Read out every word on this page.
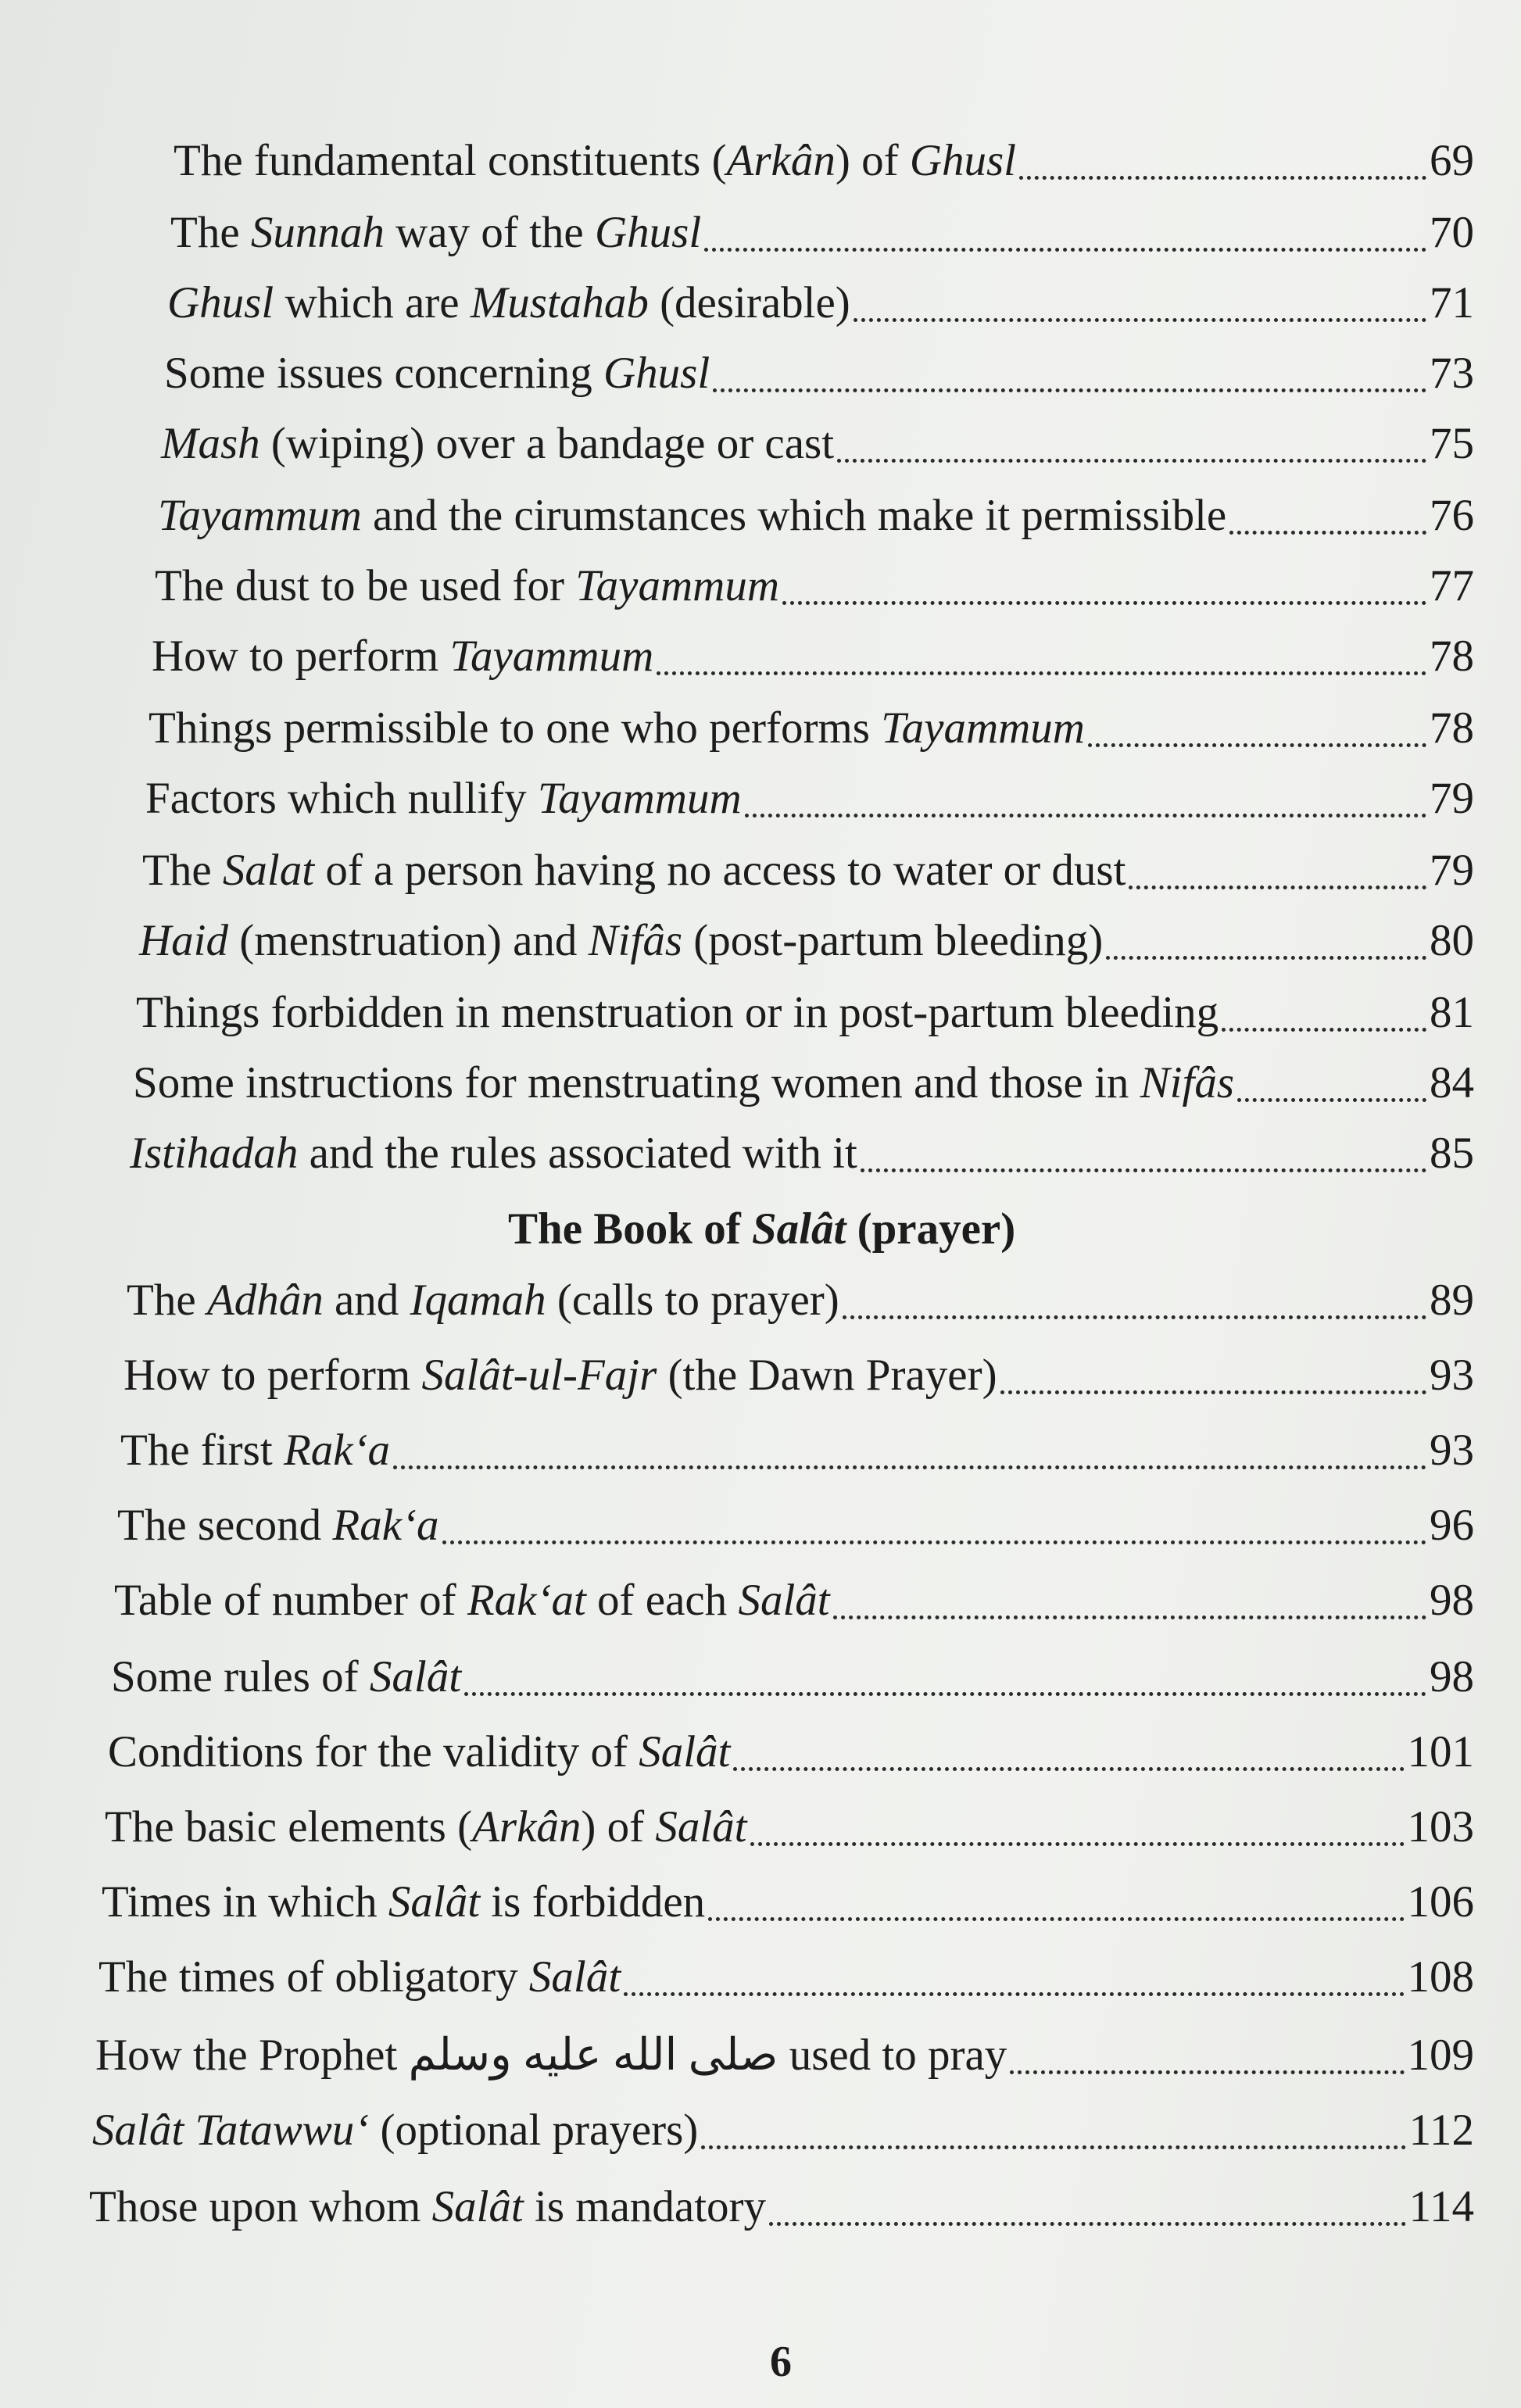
The fundamental constituents (Arkân) of Ghusl	69
The Sunnah way of the Ghusl	70
Ghusl which are Mustahab (desirable)	71
Some issues concerning Ghusl	73
Mash (wiping) over a bandage or cast	75
Tayammum and the cirumstances which make it permissible	76
The dust to be used for Tayammum	77
How to perform Tayammum	78
Things permissible to one who performs Tayammum	78
Factors which nullify Tayammum	79
The Salat of a person having no access to water or dust	79
Haid (menstruation) and Nifâs (post-partum bleeding)	80
Things forbidden in menstruation or in post-partum bleeding	81
Some instructions for menstruating women and those in Nifâs	84
Istihadah and the rules associated with it	85
The Adhân and Iqamah (calls to prayer)	89
How to perform Salât-ul-Fajr (the Dawn Prayer)	93
The first Rak‘a	93
The second Rak‘a	96
Table of number of Rak‘at of each Salât	98
Some rules of Salât	98
Conditions for the validity of Salât	101
The basic elements (Arkân) of Salât	103
Times in which Salât is forbidden	106
The times of obligatory Salât	108
How the Prophet صلى الله عليه وسلم used to pray	109
Salât Tatawwu‘ (optional prayers)	112
Those upon whom Salât is mandatory	114
The Book of Salât (prayer)
6
